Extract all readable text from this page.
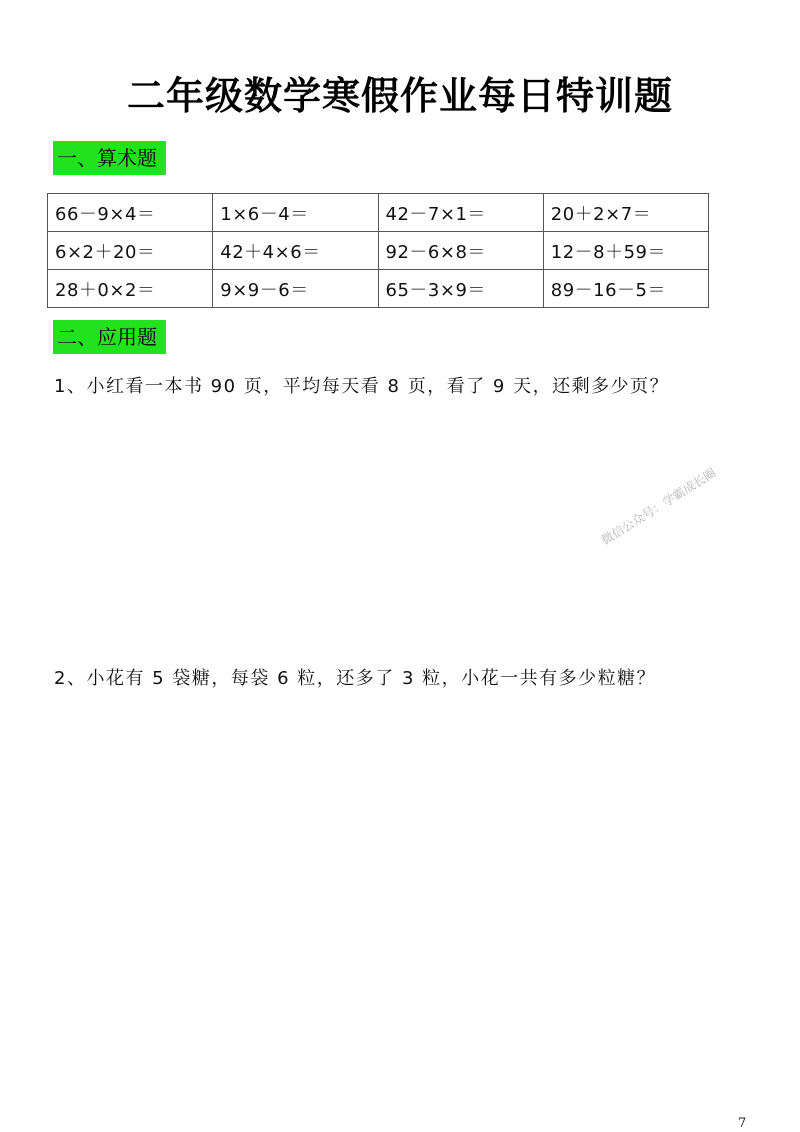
二年级数学寒假作业每日特训题
一、算术题
66－9×4＝	1×6－4＝	42－7×1＝	20＋2×7＝
6×2＋20＝	42＋4×6＝	92－6×8＝	12－8＋59＝
28＋0×2＝	9×9－6＝	65－3×9＝	89－16－5＝
二、应用题
1、小红看一本书 90 页，平均每天看 8 页，看了 9 天，还剩多少页？
2、小花有 5 袋糖，每袋 6 粒，还多了 3 粒，小花一共有多少粒糖？
微信公众号：学霸成长圈
7
